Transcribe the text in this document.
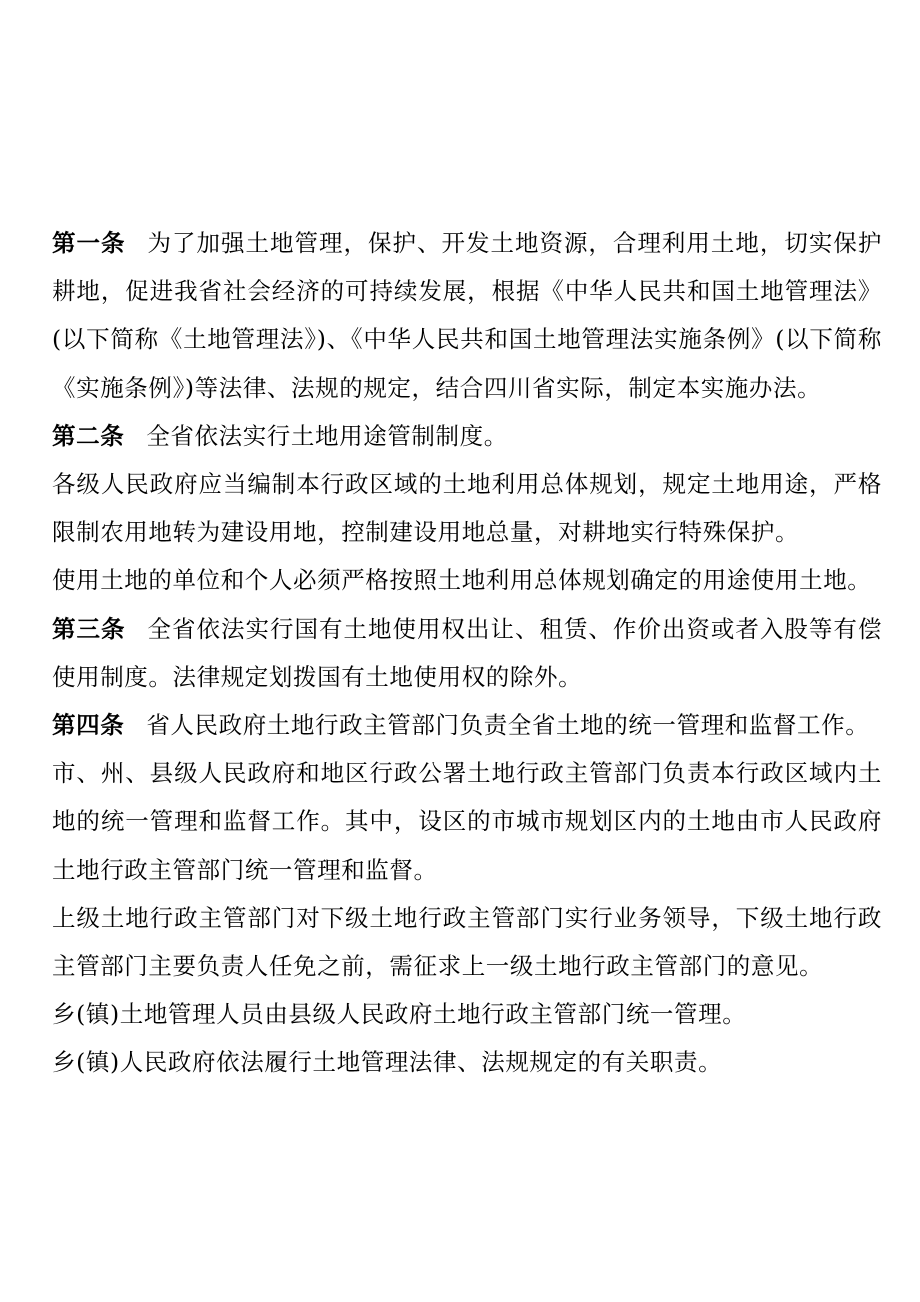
第一条 为了加强土地管理，保护、开发土地资源，合理利用土地，切实保护耕地，促进我省社会经济的可持续发展，根据《中华人民共和国土地管理法》(以下简称《土地管理法》)、《中华人民共和国土地管理法实施条例》(以下简称《实施条例》)等法律、法规的规定，结合四川省实际，制定本实施办法。

第二条 全省依法实行土地用途管制制度。

各级人民政府应当编制本行政区域的土地利用总体规划，规定土地用途，严格限制农用地转为建设用地，控制建设用地总量，对耕地实行特殊保护。

使用土地的单位和个人必须严格按照土地利用总体规划确定的用途使用土地。

第三条 全省依法实行国有土地使用权出让、租赁、作价出资或者入股等有偿使用制度。法律规定划拨国有土地使用权的除外。

第四条 省人民政府土地行政主管部门负责全省土地的统一管理和监督工作。

市、州、县级人民政府和地区行政公署土地行政主管部门负责本行政区域内土地的统一管理和监督工作。其中，设区的市城市规划区内的土地由市人民政府土地行政主管部门统一管理和监督。

上级土地行政主管部门对下级土地行政主管部门实行业务领导，下级土地行政主管部门主要负责人任免之前，需征求上一级土地行政主管部门的意见。

乡(镇)土地管理人员由县级人民政府土地行政主管部门统一管理。

乡(镇)人民政府依法履行土地管理法律、法规规定的有关职责。
